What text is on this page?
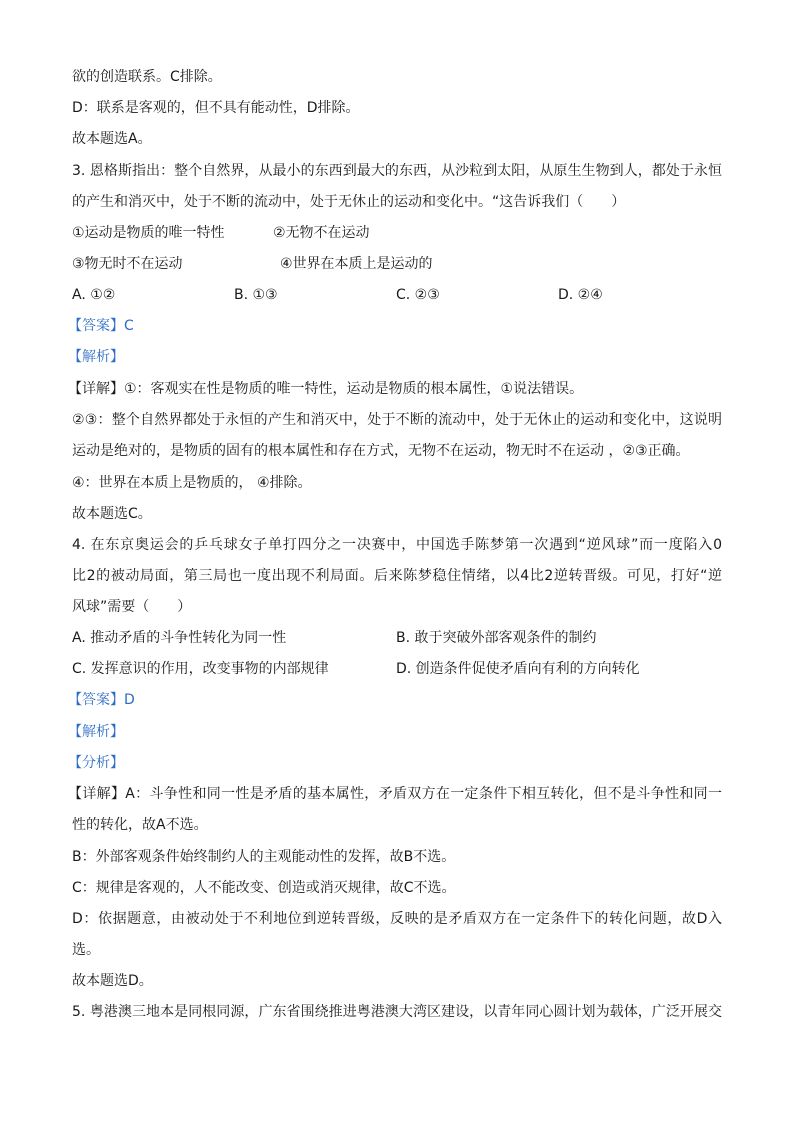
欲的创造联系。C排除。
D：联系是客观的，但不具有能动性，D排除。
故本题选A。
3. 恩格斯指出：整个自然界，从最小的东西到最大的东西，从沙粒到太阳，从原生生物到人，都处于永恒
的产生和消灭中，处于不断的流动中，处于无休止的运动和变化中。“这告诉我们（　　）
①运动是物质的唯一特性	②无物不在运动
③物无时不在运动	④世界在本质上是运动的
A. ①②	B. ①③	C. ②③	D. ②④
【答案】C
【解析】
【详解】①：客观实在性是物质的唯一特性，运动是物质的根本属性，①说法错误。
②③：整个自然界都处于永恒的产生和消灭中，处于不断的流动中，处于无休止的运动和变化中，这说明
运动是绝对的，是物质的固有的根本属性和存在方式，无物不在运动，物无时不在运动 ，②③正确。
④：世界在本质上是物质的， ④排除。
故本题选C。
4. 在东京奥运会的乒乓球女子单打四分之一决赛中，中国选手陈梦第一次遇到“逆风球”而一度陷入0
比2的被动局面，第三局也一度出现不利局面。后来陈梦稳住情绪，以4比2逆转晋级。可见，打好“逆
风球”需要（　　）
A. 推动矛盾的斗争性转化为同一性	B. 敢于突破外部客观条件的制约
C. 发挥意识的作用，改变事物的内部规律	D. 创造条件促使矛盾向有利的方向转化
【答案】D
【解析】
【分析】
【详解】A：斗争性和同一性是矛盾的基本属性，矛盾双方在一定条件下相互转化，但不是斗争性和同一
性的转化，故A不选。
B：外部客观条件始终制约人的主观能动性的发挥，故B不选。
C：规律是客观的，人不能改变、创造或消灭规律，故C不选。
D：依据题意，由被动处于不利地位到逆转晋级，反映的是矛盾双方在一定条件下的转化问题，故D入
选。
故本题选D。
5. 粤港澳三地本是同根同源，广东省围绕推进粤港澳大湾区建设，以青年同心圆计划为载体，广泛开展交
